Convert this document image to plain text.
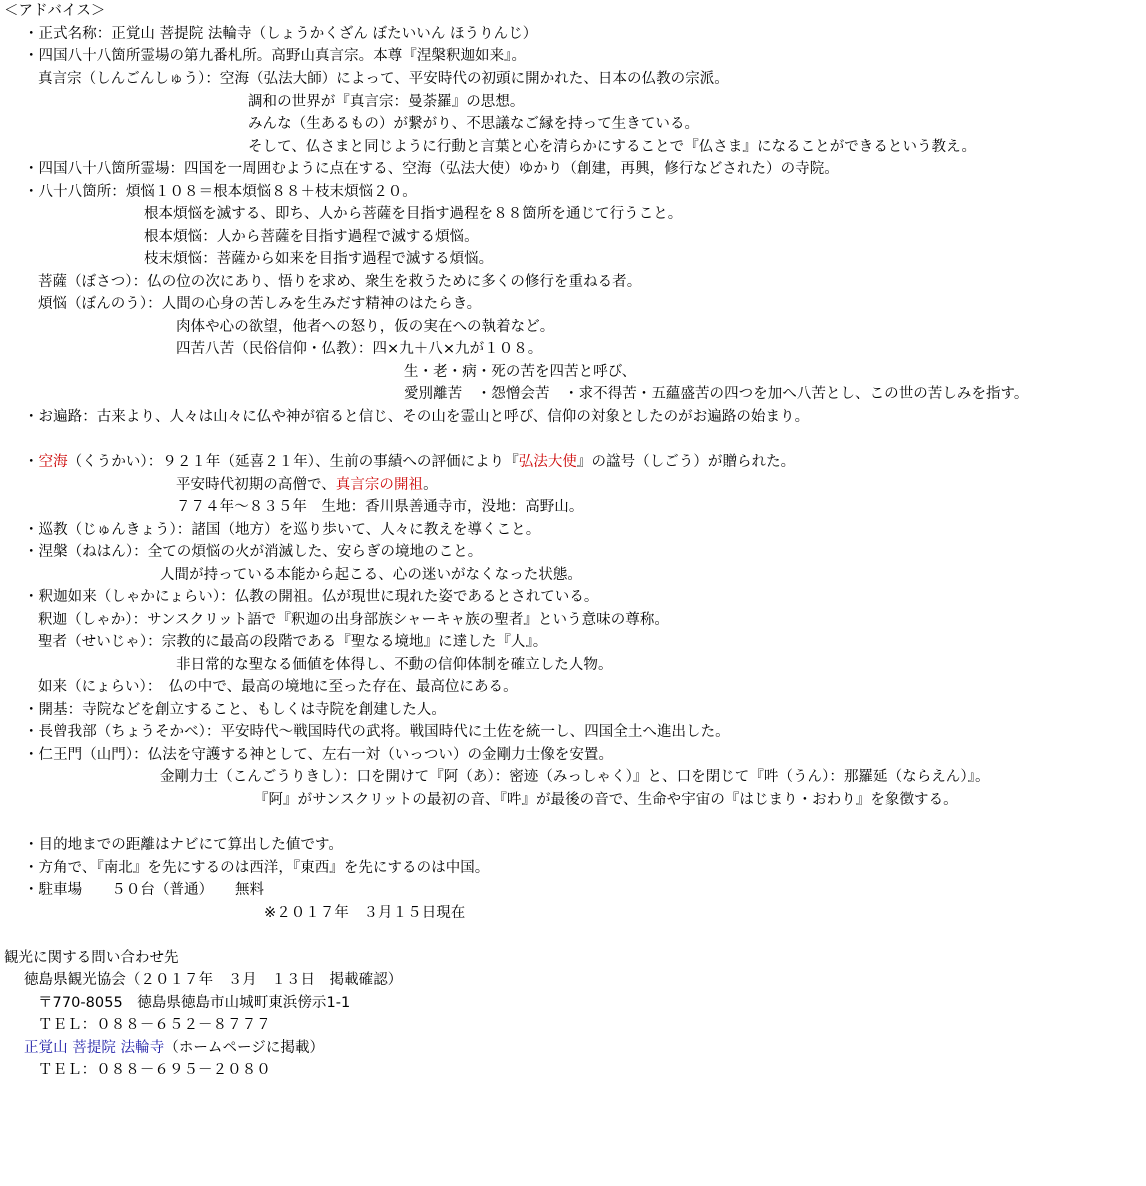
＜アドバイス＞
・正式名称：正覚山 菩提院 法輪寺（しょうかくざん ぼたいいん ほうりんじ）
・四国八十八箇所霊場の第九番札所。高野山真言宗。本尊『涅槃釈迦如来』。
真言宗（しんごんしゅう）：空海（弘法大師）によって、平安時代の初頭に開かれた、日本の仏教の宗派。
調和の世界が『真言宗：曼荼羅』の思想。
みんな（生あるもの）が繋がり、不思議なご縁を持って生きている。
そして、仏さまと同じように行動と言葉と心を清らかにすることで『仏さま』になることができるという教え。
・四国八十八箇所霊場：四国を一周囲むように点在する、空海（弘法大使）ゆかり（創建，再興，修行などされた）の寺院。
・八十八箇所：煩悩１０８＝根本煩悩８８＋枝末煩悩２０。
根本煩悩を滅する、即ち、人から菩薩を目指す過程を８８箇所を通じて行うこと。
根本煩悩：人から菩薩を目指す過程で滅する煩悩。
枝末煩悩：菩薩から如来を目指す過程で滅する煩悩。
菩薩（ぼさつ）：仏の位の次にあり、悟りを求め、衆生を救うために多くの修行を重ねる者。
煩悩（ぼんのう）：人間の心身の苦しみを生みだす精神のはたらき。
肉体や心の欲望，他者への怒り，仮の実在への執着など。
四苦八苦（民俗信仰・仏教）：四×九＋八×九が１０８。
生・老・病・死の苦を四苦と呼び、
愛別離苦　・怨憎会苦　・求不得苦・五蘊盛苦の四つを加へ八苦とし、この世の苦しみを指す。
・お遍路：古来より、人々は山々に仏や神が宿ると信じ、その山を霊山と呼び、信仰の対象としたのがお遍路の始まり。
・空海（くうかい）：９２１年（延喜２１年）、生前の事績への評価により『弘法大使』の諡号（しごう）が贈られた。
平安時代初期の高僧で、真言宗の開祖。
７７４年～８３５年　生地：香川県善通寺市，没地：高野山。
・巡教（じゅんきょう）：諸国（地方）を巡り歩いて、人々に教えを導くこと。
・涅槃（ねはん）：全ての煩悩の火が消滅した、安らぎの境地のこと。
人間が持っている本能から起こる、心の迷いがなくなった状態。
・釈迦如来（しゃかにょらい）：仏教の開祖。仏が現世に現れた姿であるとされている。
釈迦（しゃか）：サンスクリット語で『釈迦の出身部族シャーキャ族の聖者』という意味の尊称。
聖者（せいじゃ）：宗教的に最高の段階である『聖なる境地』に達した『人』。
非日常的な聖なる価値を体得し、不動の信仰体制を確立した人物。
如来（にょらい）：　仏の中で、最高の境地に至った存在、最高位にある。
・開基：寺院などを創立すること、もしくは寺院を創建した人。
・長曾我部（ちょうそかべ）：平安時代～戦国時代の武将。戦国時代に土佐を統一し、四国全土へ進出した。
・仁王門（山門）：仏法を守護する神として、左右一対（いっつい）の金剛力士像を安置。
金剛力士（こんごうりきし）：口を開けて『阿（あ）：密迹（みっしゃく）』と、口を閉じて『吽（うん）：那羅延（ならえん）』。
『阿』がサンスクリットの最初の音、『吽』が最後の音で、生命や宇宙の『はじまり・おわり』を象徴する。
・目的地までの距離はナビにて算出した値です。
・方角で、『南北』を先にするのは西洋，『東西』を先にするのは中国。
・駐車場　　５０台（普通）　　無料
※２０１７年　３月１５日現在
観光に関する問い合わせ先
徳島県観光協会（２０１７年　３月　１３日　掲載確認）
〒770-8055　徳島県徳島市山城町東浜傍示1-1
ＴＥＬ：０８８－６５２－８７７７
正覚山 菩提院 法輪寺（ホームページに掲載）
ＴＥＬ：０８８－６９５－２０８０
